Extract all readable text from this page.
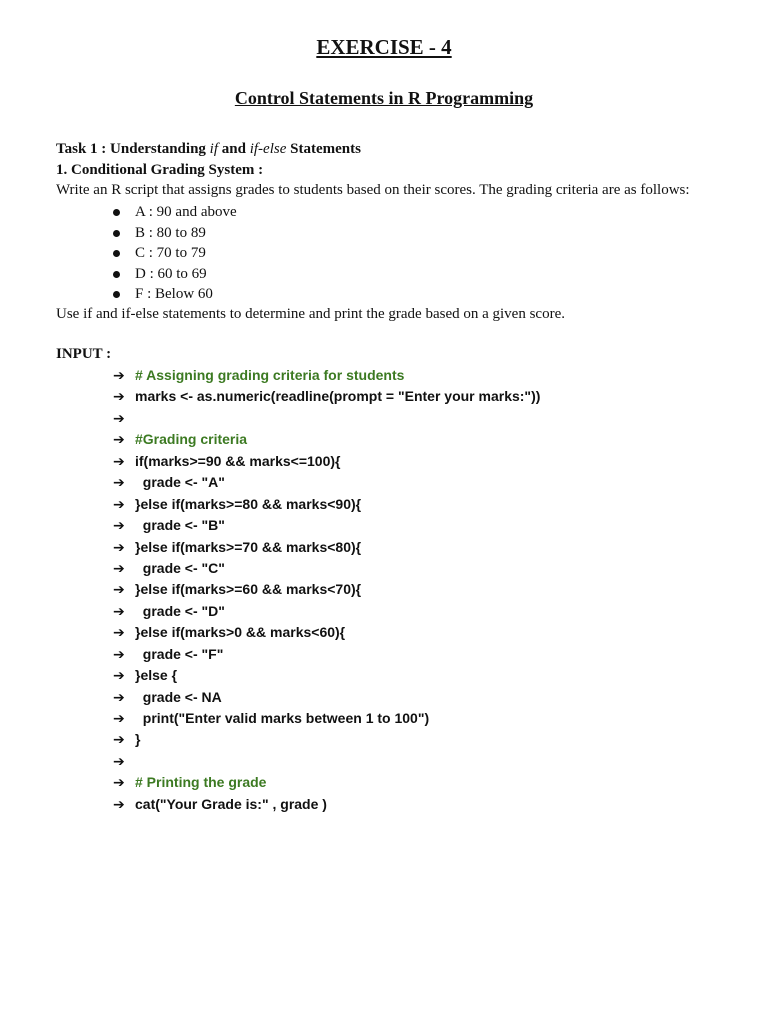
EXERCISE - 4
Control Statements in R Programming

Task 1 : Understanding if and if-else Statements

1. Conditional Grading System :

Write an R script that assigns grades to students based on their scores. The grading criteria are as follows:

A : 90 and above
B : 80 to 89
C : 70 to 79
D : 60 to 69
F : Below 60

Use if and if-else statements to determine and print the grade based on a given score.

INPUT :

➔ # Assigning grading criteria for students
➔ marks <- as.numeric(readline(prompt = "Enter your marks:"))
➔
➔ #Grading criteria
➔ if(marks>=90 && marks<=100){
➔  grade <- "A"
➔ }else if(marks>=80 && marks<90){
➔  grade <- "B"
➔ }else if(marks>=70 && marks<80){
➔  grade <- "C"
➔ }else if(marks>=60 && marks<70){
➔  grade <- "D"
➔ }else if(marks>0 && marks<60){
➔  grade <- "F"
➔ }else {
➔  grade <- NA
➔  print("Enter valid marks between 1 to 100")
➔ }
➔
➔ # Printing the grade
➔ cat("Your Grade is:" , grade )
